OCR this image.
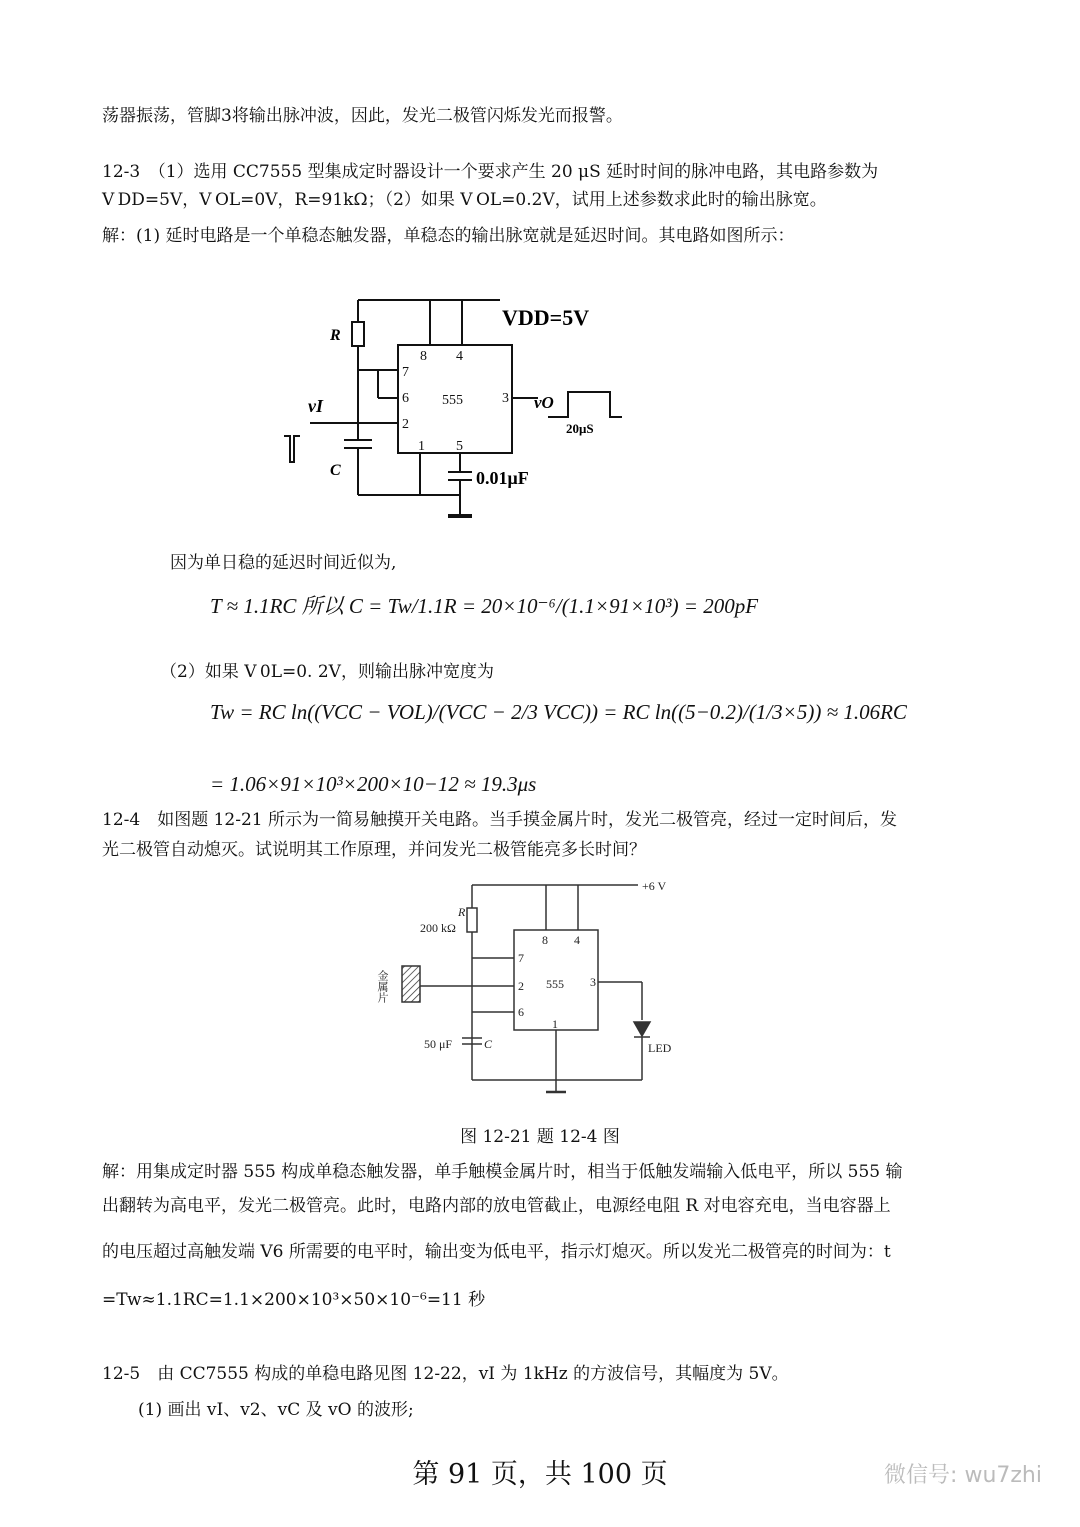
荡器振荡，管脚3将输出脉冲波，因此，发光二极管闪烁发光而报警。
12-3　（1）选用 CC7555 型集成定时器设计一个要求产生 20 μS 延时时间的脉冲电路，其电路参数为
V DD=5V，V OL=0V，R=91kΩ；（2）如果 V OL=0.2V，试用上述参数求此时的输出脉宽。
解：(1) 延时电路是一个单稳态触发器，单稳态的输出脉宽就是延迟时间。其电路如图所示：
8 4
7
6
2
3
1 5
555
VDD=5V
R
C
vI	vO
20μS
0.01μF
因为单日稳的延迟时间近似为,
T ≈ 1.1RC 所以 C = Tw/1.1R = 20×10⁻⁶/(1.1×91×10³) = 200pF
（2）如果 V 0L=0. 2V，则输出脉冲宽度为
Tw = RC ln((VCC − VOL)/(VCC − 2/3 VCC)) = RC ln((5−0.2)/(1/3×5)) ≈ 1.06RC
= 1.06×91×10³×200×10−12 ≈ 19.3μs
12-4　如图题 12-21 所示为一简易触摸开关电路。当手摸金属片时，发光二极管亮，经过一定时间后，发
光二极管自动熄灭。试说明其工作原理，并问发光二极管能亮多长时间？
8 4
7
2
6
3
1
555
+6 V
R
200 kΩ
C
50 μF	LED
金属片
图 12-21 题 12-4 图
解：用集成定时器 555 构成单稳态触发器，单手触模金属片时，相当于低触发端输入低电平，所以 555 输
出翻转为高电平，发光二极管亮。此时，电路内部的放电管截止，电源经电阻 R 对电容充电，当电容器上
的电压超过高触发端 V6 所需要的电平时，输出变为低电平，指示灯熄灭。所以发光二极管亮的时间为：t
=Tw≈1.1RC=1.1×200×10³×50×10⁻⁶=11 秒
12-5　由 CC7555 构成的单稳电路见图 12-22，vI 为 1kHz 的方波信号，其幅度为 5V。
(1) 画出 vI、v2、vC 及 vO 的波形;
第 91 页，共 100 页	微信号: wu7zhi
